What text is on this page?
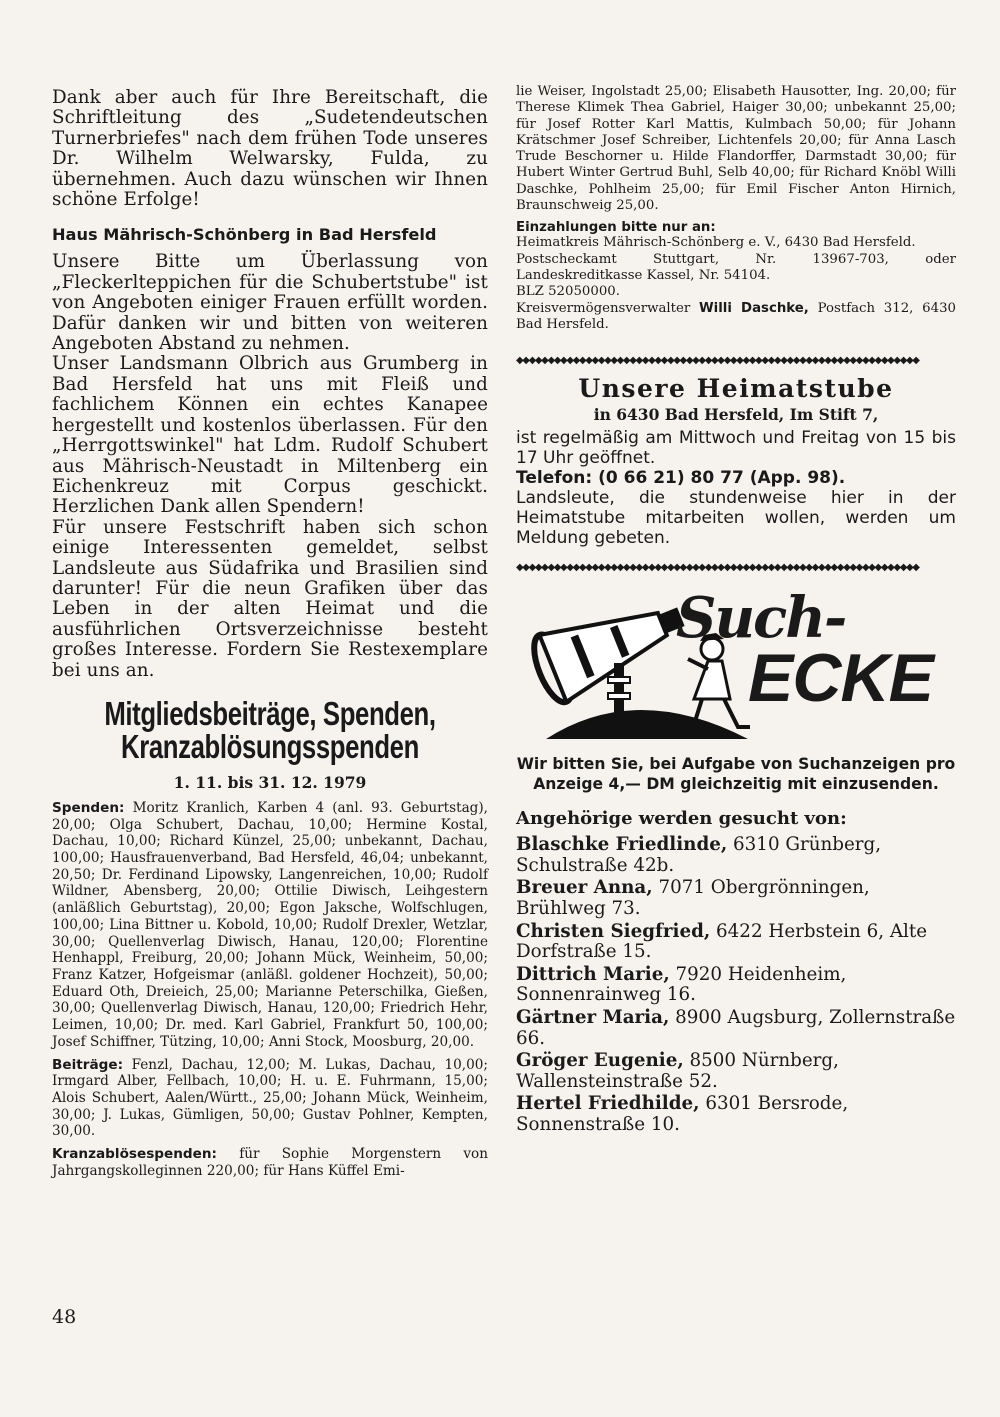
Dank aber auch für Ihre Bereitschaft, die Schriftleitung des „Sudetendeutschen Turnerbriefes" nach dem frühen Tode unseres Dr. Wilhelm Welwarsky, Fulda, zu übernehmen. Auch dazu wünschen wir Ihnen schöne Erfolge!

Haus Mährisch-Schönberg in Bad Hersfeld

Unsere Bitte um Überlassung von „Fleckerlteppichen für die Schubertstube" ist von Angeboten einiger Frauen erfüllt worden. Dafür danken wir und bitten von weiteren Angeboten Abstand zu nehmen.

Unser Landsmann Olbrich aus Grumberg in Bad Hersfeld hat uns mit Fleiß und fachlichem Können ein echtes Kanapee hergestellt und kostenlos überlassen. Für den „Herrgottswinkel" hat Ldm. Rudolf Schubert aus Mährisch-Neustadt in Miltenberg ein Eichenkreuz mit Corpus geschickt. Herzlichen Dank allen Spendern!

Für unsere Festschrift haben sich schon einige Interessenten gemeldet, selbst Landsleute aus Südafrika und Brasilien sind darunter! Für die neun Grafiken über das Leben in der alten Heimat und die ausführlichen Ortsverzeichnisse besteht großes Interesse. Fordern Sie Restexemplare bei uns an.

Mitgliedsbeiträge, Spenden,
Kranzablösungsspenden
1. 11. bis 31. 12. 1979

Spenden: Moritz Kranlich, Karben 4 (anl. 93. Geburtstag), 20,00; Olga Schubert, Dachau, 10,00; Hermine Kostal, Dachau, 10,00; Richard Künzel, 25,00; unbekannt, Dachau, 100,00; Hausfrauenverband, Bad Hersfeld, 46,04; unbekannt, 20,50; Dr. Ferdinand Lipowsky, Langenreichen, 10,00; Rudolf Wildner, Abensberg, 20,00; Ottilie Diwisch, Leihgestern (anläßlich Geburtstag), 20,00; Egon Jaksche, Wolfschlugen, 100,00; Lina Bittner u. Kobold, 10,00; Rudolf Drexler, Wetzlar, 30,00; Quellenverlag Diwisch, Hanau, 120,00; Florentine Henhappl, Freiburg, 20,00; Johann Mück, Weinheim, 50,00; Franz Katzer, Hofgeismar (anläßl. goldener Hochzeit), 50,00; Eduard Oth, Dreieich, 25,00; Marianne Peterschilka, Gießen, 30,00; Quellenverlag Diwisch, Hanau, 120,00; Friedrich Hehr, Leimen, 10,00; Dr. med. Karl Gabriel, Frankfurt 50, 100,00; Josef Schiffner, Tützing, 10,00; Anni Stock, Moosburg, 20,00.

Beiträge: Fenzl, Dachau, 12,00; M. Lukas, Dachau, 10,00; Irmgard Alber, Fellbach, 10,00; H. u. E. Fuhrmann, 15,00; Alois Schubert, Aalen/Württ., 25,00; Johann Mück, Weinheim, 30,00; J. Lukas, Gümligen, 50,00; Gustav Pohlner, Kempten, 30,00.

Kranzablösespenden: für Sophie Morgenstern von Jahrgangskolleginnen 220,00; für Hans Küffel Emi-

48

lie Weiser, Ingolstadt 25,00; Elisabeth Hausotter, Ing. 20,00; für Therese Klimek Thea Gabriel, Haiger 30,00; unbekannt 25,00; für Josef Rotter Karl Mattis, Kulmbach 50,00; für Johann Krätschmer Josef Schreiber, Lichtenfels 20,00; für Anna Lasch Trude Beschorner u. Hilde Flandorffer, Darmstadt 30,00; für Hubert Winter Gertrud Buhl, Selb 40,00; für Richard Knöbl Willi Daschke, Pohlheim 25,00; für Emil Fischer Anton Hirnich, Braunschweig 25,00.

Einzahlungen bitte nur an:

Heimatkreis Mährisch-Schönberg e. V., 6430 Bad Hersfeld.

Postscheckamt Stuttgart, Nr. 13967-703, oder Landeskreditkasse Kassel, Nr. 54104.

BLZ 52050000.

Kreisvermögensverwalter Willi Daschke, Postfach 312, 6430 Bad Hersfeld.

◆◆◆◆◆◆◆◆◆◆◆◆◆◆◆◆◆◆◆◆◆◆◆◆◆◆◆◆◆◆◆◆◆◆◆◆◆◆◆◆◆◆◆◆◆◆◆◆◆◆◆◆◆◆◆◆◆◆◆◆◆◆◆◆
Unsere Heimatstube
in 6430 Bad Hersfeld, Im Stift 7,

ist regelmäßig am Mittwoch und Freitag von 15 bis 17 Uhr geöffnet.

Telefon: (0 66 21) 80 77 (App. 98).

Landsleute, die stundenweise hier in der Heimatstube mitarbeiten wollen, werden um Meldung gebeten.

◆◆◆◆◆◆◆◆◆◆◆◆◆◆◆◆◆◆◆◆◆◆◆◆◆◆◆◆◆◆◆◆◆◆◆◆◆◆◆◆◆◆◆◆◆◆◆◆◆◆◆◆◆◆◆◆◆◆◆◆◆◆◆◆
Such-
ECKE
Wir bitten Sie, bei Aufgabe von Suchanzeigen pro Anzeige 4,— DM gleichzeitig mit einzusenden.
Angehörige werden gesucht von:

Blaschke Friedlinde, 6310 Grünberg, Schulstraße 42b.

Breuer Anna, 7071 Obergrönningen, Brühlweg 73.

Christen Siegfried, 6422 Herbstein 6, Alte Dorfstraße 15.

Dittrich Marie, 7920 Heidenheim, Sonnenrainweg 16.

Gärtner Maria, 8900 Augsburg, Zollernstraße 66.

Gröger Eugenie, 8500 Nürnberg, Wallensteinstraße 52.

Hertel Friedhilde, 6301 Bersrode, Sonnenstraße 10.
